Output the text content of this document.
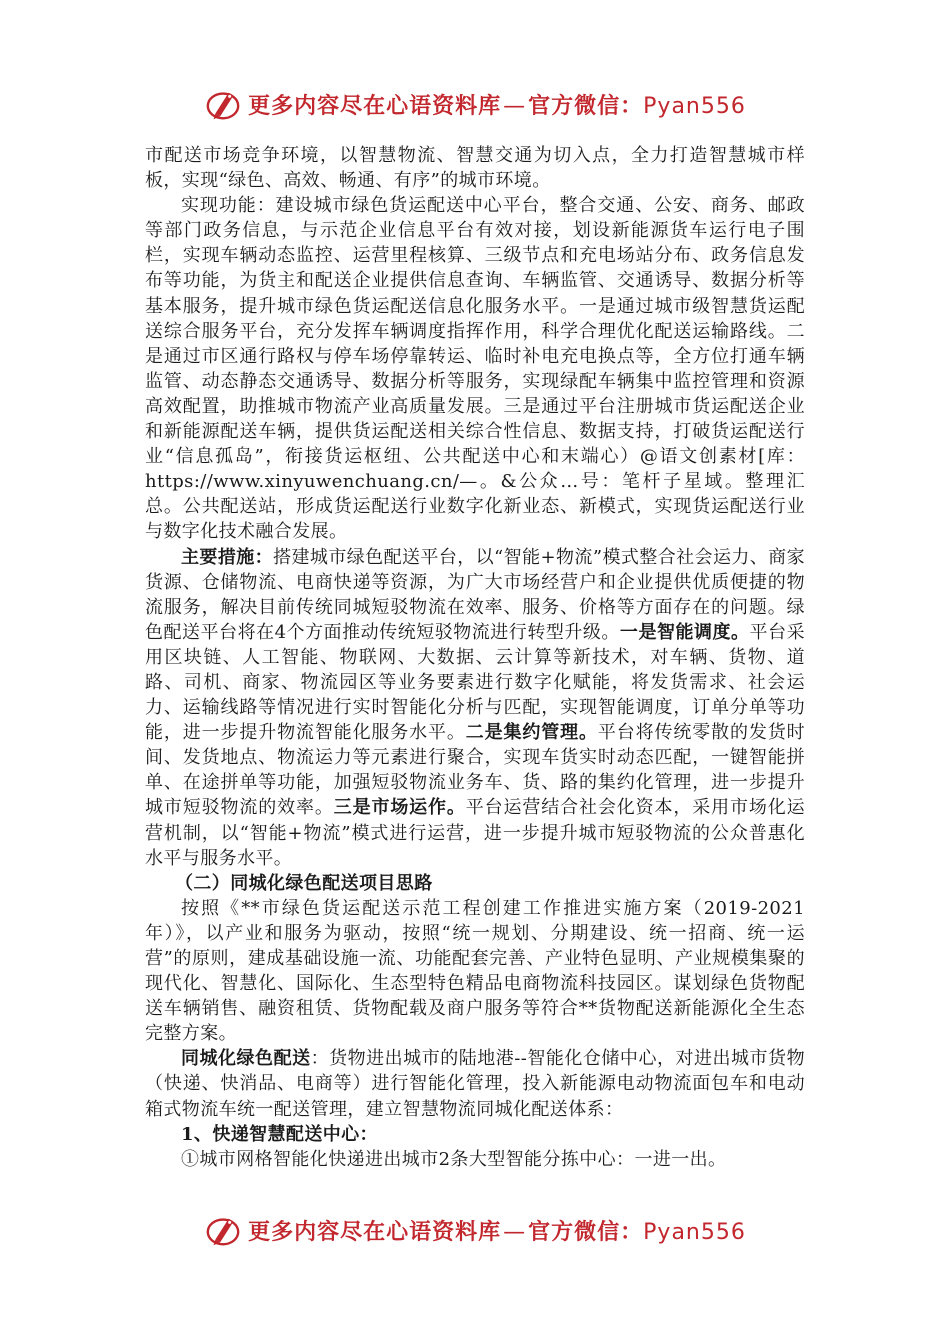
更多内容尽在心语资料库—官方微信：Pyan556

市配送市场竞争环境，以智慧物流、智慧交通为切入点，全力打造智慧城市样板，实现“绿色、高效、畅通、有序”的城市环境。

实现功能：建设城市绿色货运配送中心平台，整合交通、公安、商务、邮政等部门政务信息，与示范企业信息平台有效对接，划设新能源货车运行电子围栏，实现车辆动态监控、运营里程核算、三级节点和充电场站分布、政务信息发布等功能，为货主和配送企业提供信息查询、车辆监管、交通诱导、数据分析等基本服务，提升城市绿色货运配送信息化服务水平。一是通过城市级智慧货运配送综合服务平台，充分发挥车辆调度指挥作用，科学合理优化配送运输路线。二是通过市区通行路权与停车场停靠转运、临时补电充电换点等，全方位打通车辆监管、动态静态交通诱导、数据分析等服务，实现绿配车辆集中监控管理和资源高效配置，助推城市物流产业高质量发展。三是通过平台注册城市货运配送企业和新能源配送车辆，提供货运配送相关综合性信息、数据支持，打破货运配送行业“信息孤岛”，衔接货运枢纽、公共配送中心和末端心）@语文创素材[库：https://www.xinyuwenchuang.cn/—。&公众…号：笔杆子星域。整理汇总。公共配送站，形成货运配送行业数字化新业态、新模式，实现货运配送行业与数字化技术融合发展。

主要措施：搭建城市绿色配送平台，以“智能+物流”模式整合社会运力、商家货源、仓储物流、电商快递等资源，为广大市场经营户和企业提供优质便捷的物流服务，解决目前传统同城短驳物流在效率、服务、价格等方面存在的问题。绿色配送平台将在4个方面推动传统短驳物流进行转型升级。一是智能调度。平台采用区块链、人工智能、物联网、大数据、云计算等新技术，对车辆、货物、道路、司机、商家、物流园区等业务要素进行数字化赋能，将发货需求、社会运力、运输线路等情况进行实时智能化分析与匹配，实现智能调度，订单分单等功能，进一步提升物流智能化服务水平。二是集约管理。平台将传统零散的发货时间、发货地点、物流运力等元素进行聚合，实现车货实时动态匹配，一键智能拼单、在途拼单等功能，加强短驳物流业务车、货、路的集约化管理，进一步提升城市短驳物流的效率。三是市场运作。平台运营结合社会化资本，采用市场化运营机制，以“智能+物流”模式进行运营，进一步提升城市短驳物流的公众普惠化水平与服务水平。

（二）同城化绿色配送项目思路

按照《**市绿色货运配送示范工程创建工作推进实施方案（2019-2021年）》，以产业和服务为驱动，按照“统一规划、分期建设、统一招商、统一运营”的原则，建成基础设施一流、功能配套完善、产业特色显明、产业规模集聚的现代化、智慧化、国际化、生态型特色精品电商物流科技园区。谋划绿色货物配送车辆销售、融资租赁、货物配载及商户服务等符合**货物配送新能源化全生态完整方案。

同城化绿色配送：货物进出城市的陆地港--智能化仓储中心，对进出城市货物（快递、快消品、电商等）进行智能化管理，投入新能源电动物流面包车和电动箱式物流车统一配送管理，建立智慧物流同城化配送体系：

1、快递智慧配送中心：

①城市网格智能化快递进出城市2条大型智能分拣中心：一进一出。

更多内容尽在心语资料库—官方微信：Pyan556
